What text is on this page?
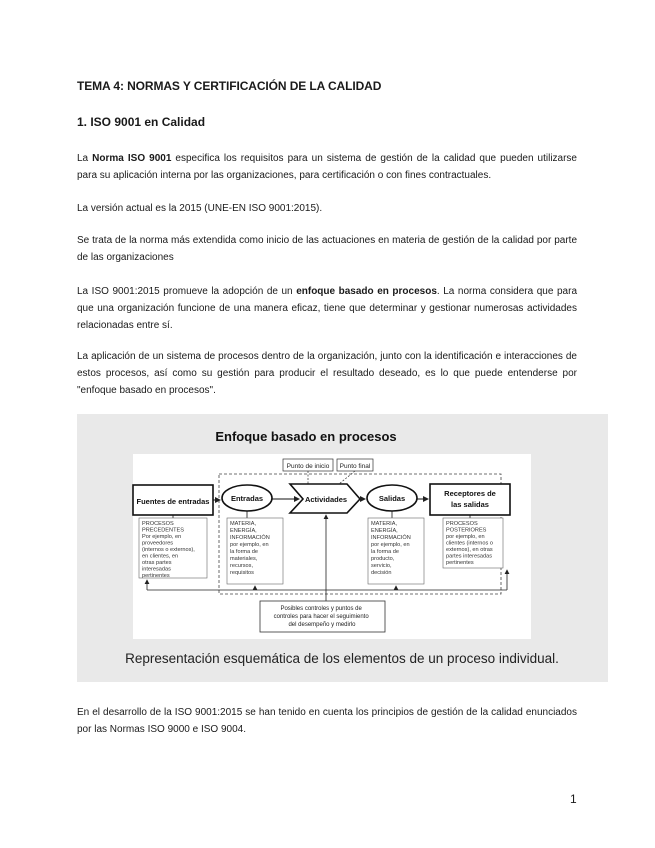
TEMA 4: NORMAS Y CERTIFICACIÓN DE LA CALIDAD
1. ISO 9001 en Calidad
La Norma ISO 9001 especifica los requisitos para un sistema de gestión de la calidad que pueden utilizarse para su aplicación interna por las organizaciones, para certificación o con fines contractuales.
La versión actual es la 2015 (UNE-EN ISO 9001:2015).
Se trata de la norma más extendida como inicio de las actuaciones en materia de gestión de la calidad por parte de las organizaciones
La ISO 9001:2015 promueve la adopción de un enfoque basado en procesos. La norma considera que para que una organización funcione de una manera eficaz, tiene que determinar y gestionar numerosas actividades relacionadas entre sí.
La aplicación de un sistema de procesos dentro de la organización, junto con la identificación e interacciones de estos procesos, así como su gestión para producir el resultado deseado, es lo que puede entenderse por "enfoque basado en procesos".
Enfoque basado en procesos
Punto de inicio Punto final
Fuentes de entradas	Entradas	Actividades	Salidas
Receptores de
las salidas
PROCESOS PRECEDENTES Por ejemplo, en proveedores (internos o externos), en clientes, en otras partes interesadas pertinentes
MATERIA, ENERGÍA, INFORMACIÓN por ejemplo, en la forma de materiales, recursos, requisitos
MATERIA, ENERGÍA, INFORMACIÓN por ejemplo, en la forma de producto, servicio, decisión
PROCESOS POSTERIORES por ejemplo, en clientes (internos o externos), en otras partes interesadas pertinentes
Posibles controles y puntos de controles para hacer el seguimiento del desempeño y medirlo
Representación esquemática de los elementos de un proceso individual.
En el desarrollo de la ISO 9001:2015 se han tenido en cuenta los principios de gestión de la calidad enunciados por las Normas ISO 9000 e ISO 9004.
1
